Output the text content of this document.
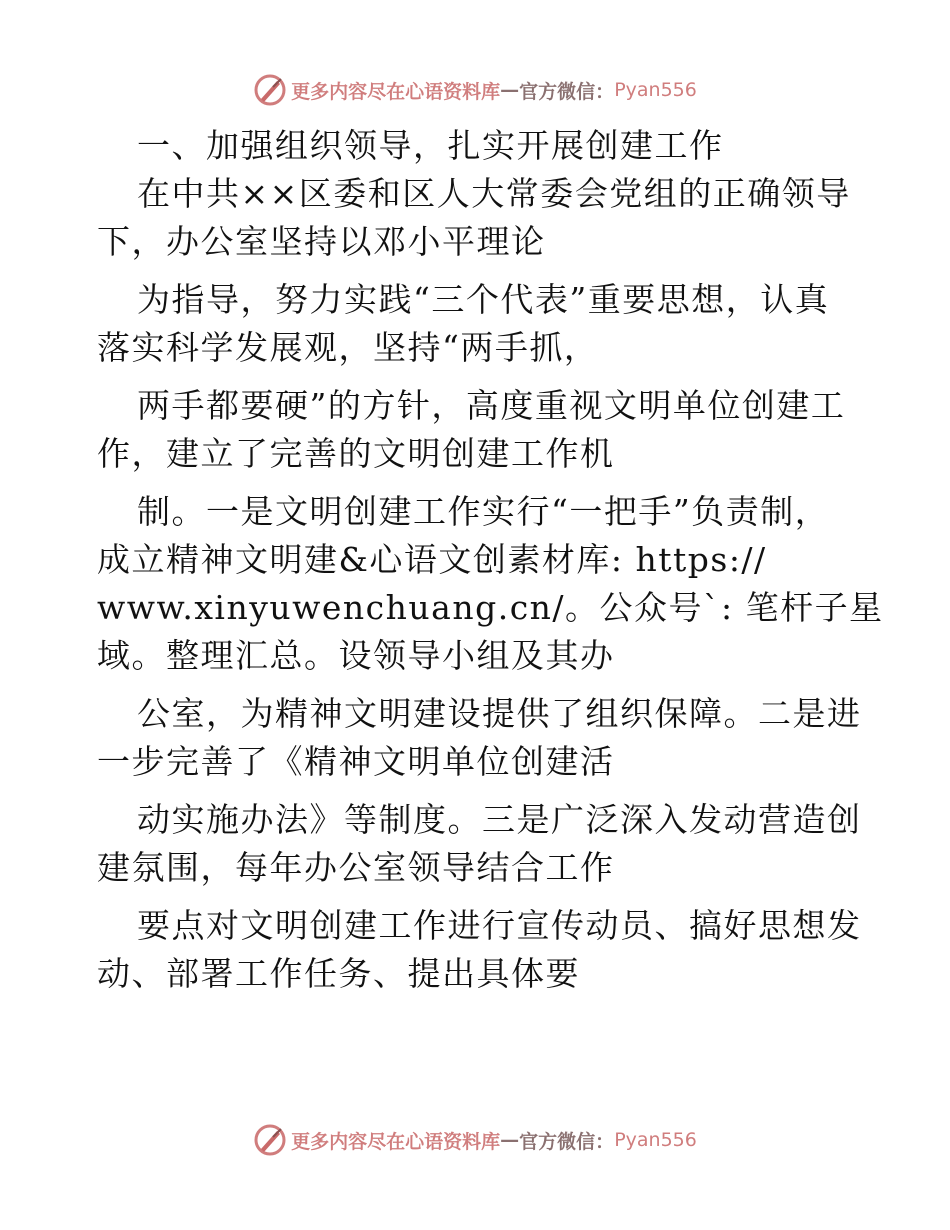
更多内容尽在心语资料库 — 官方微信： Pyan556
一、加强组织领导，扎实开展创建工作
在中共××区委和区人大常委会党组的正确领导
下，办公室坚持以邓小平理论
为指导，努力实践“三个代表”重要思想，认真
落实科学发展观，坚持“两手抓，
两手都要硬”的方针，高度重视文明单位创建工
作，建立了完善的文明创建工作机
制。一是文明创建工作实行“一把手”负责制，
成立精神文明建&心语文创素材库: https://
www.xinyuwenchuang.cn/。公众号`: 笔杆子星
域。整理汇总。设领导小组及其办
公室，为精神文明建设提供了组织保障。二是进
一步完善了《精神文明单位创建活
动实施办法》等制度。三是广泛深入发动营造创
建氛围，每年办公室领导结合工作
要点对文明创建工作进行宣传动员、搞好思想发
动、部署工作任务、提出具体要
更多内容尽在心语资料库 — 官方微信： Pyan556
